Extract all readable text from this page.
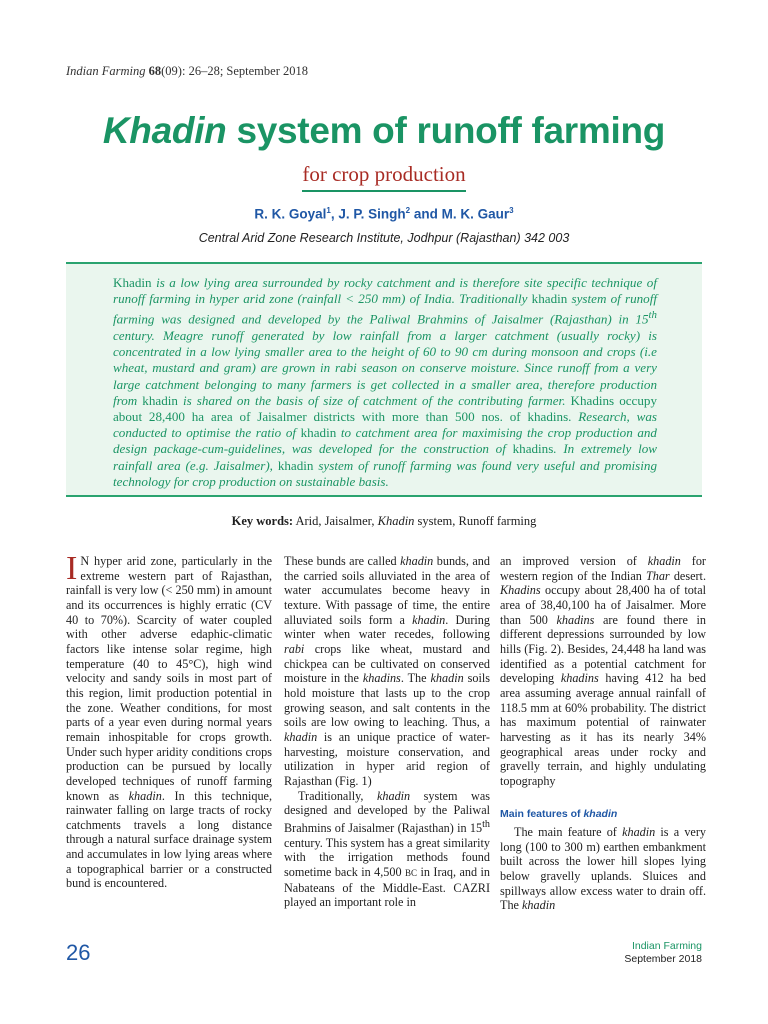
Indian Farming 68(09): 26–28; September 2018
Khadin system of runoff farming
for crop production
R. K. Goyal$^1$, J. P. Singh$^2$ and M. K. Gaur$^3$
Central Arid Zone Research Institute, Jodhpur (Rajasthan) 342 003

Khadin is a low lying area surrounded by rocky catchment and is therefore site specific technique of runoff farming in hyper arid zone (rainfall < 250 mm) of India. Traditionally khadin system of runoff farming was designed and developed by the Paliwal Brahmins of Jaisalmer (Rajasthan) in 15th century. Meagre runoff generated by low rainfall from a larger catchment (usually rocky) is concentrated in a low lying smaller area to the height of 60 to 90 cm during monsoon and crops (i.e wheat, mustard and gram) are grown in rabi season on conserve moisture. Since runoff from a very large catchment belonging to many farmers is get collected in a smaller area, therefore production from khadin is shared on the basis of size of catchment of the contributing farmer. Khadins occupy about 28,400 ha area of Jaisalmer districts with more than 500 nos. of khadins. Research, was conducted to optimise the ratio of khadin to catchment area for maximising the crop production and design package-cum-guidelines, was developed for the construction of khadins. In extremely low rainfall area (e.g. Jaisalmer), khadin system of runoff farming was found very useful and promising technology for crop production on sustainable basis.

Key words: Arid, Jaisalmer, Khadin system, Runoff farming

I N hyper arid zone, particularly in the extreme western part of Rajasthan, rainfall is very low (< 250 mm) in amount and its occurrences is highly erratic (CV 40 to 70%). Scarcity of water coupled with other adverse edaphic-climatic factors like intense solar regime, high temperature (40 to 45°C), high wind velocity and sandy soils in most part of this region, limit production potential in the zone. Weather conditions, for most parts of a year even during normal years remain inhospitable for crops growth. Under such hyper aridity conditions crops production can be pursued by locally developed techniques of runoff farming known as khadin. In this technique, rainwater falling on large tracts of rocky catchments travels a long distance through a natural surface drainage system and accumulates in low lying areas where a topographical barrier or a constructed bund is encountered.

These bunds are called khadin bunds, and the carried soils alluviated in the area of water accumulates become heavy in texture. With passage of time, the entire alluviated soils form a khadin. During winter when water recedes, following rabi crops like wheat, mustard and chickpea can be cultivated on conserved moisture in the khadins. The khadin soils hold moisture that lasts up to the crop growing season, and salt contents in the soils are low owing to leaching. Thus, a khadin is an unique practice of water-harvesting, moisture conservation, and utilization in hyper arid region of Rajasthan (Fig. 1)

Traditionally, khadin system was designed and developed by the Paliwal Brahmins of Jaisalmer (Rajasthan) in 15th century. This system has a great similarity with the irrigation methods found sometime back in 4,500 BC in Iraq, and in Nabateans of the Middle-East. CAZRI played an important role in

an improved version of khadin for western region of the Indian Thar desert. Khadins occupy about 28,400 ha of total area of 38,40,100 ha of Jaisalmer. More than 500 khadins are found there in different depressions surrounded by low hills (Fig. 2). Besides, 24,448 ha land was identified as a potential catchment for developing khadins having 412 ha bed area assuming average annual rainfall of 118.5 mm at 60% probability. The district has maximum potential of rainwater harvesting as it has its nearly 34% geographical areas under rocky and gravelly terrain, and highly undulating topography

Main features of khadin

The main feature of khadin is a very long (100 to 300 m) earthen embankment built across the lower hill slopes lying below gravelly uplands. Sluices and spillways allow excess water to drain off. The khadin

26	Indian Farming
September 2018
